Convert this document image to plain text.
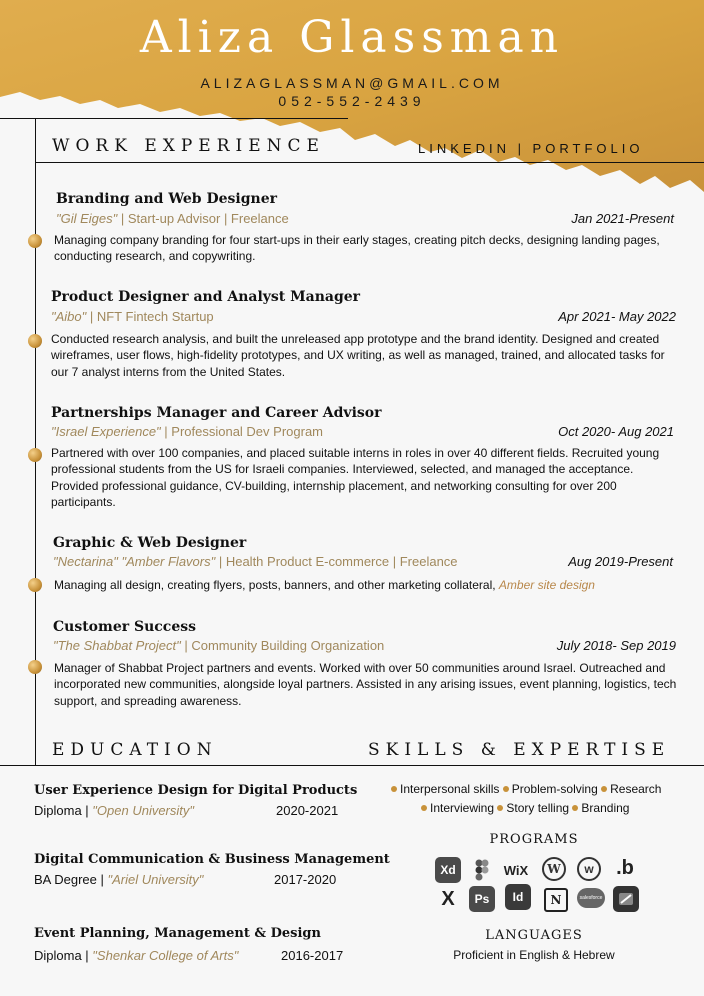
Aliza Glassman
ALIZAGLASSMAN@GMAIL.COM
052-552-2439
WORK EXPERIENCE	LINKEDIN | PORTFOLIO
Branding and Web Designer
"Gil Eiges" | Start-up Advisor | Freelance	Jan 2021-Present
Managing company branding for four start-ups in their early stages, creating pitch decks, designing landing pages, conducting research, and copywriting.
Product Designer and Analyst Manager
"Aibo" | NFT Fintech Startup	Apr 2021- May 2022
Conducted research analysis, and built the unreleased app prototype and the brand identity. Designed and created wireframes, user flows, high-fidelity prototypes, and UX writing, as well as managed, trained, and allocated tasks for our 7 analyst interns from the United States.
Partnerships Manager and Career Advisor
"Israel Experience" | Professional Dev Program	Oct 2020- Aug 2021
Partnered with over 100 companies, and placed suitable interns in roles in over 40 different fields. Recruited young professional students from the US for Israeli companies. Interviewed, selected, and managed the acceptance. Provided professional guidance, CV-building, internship placement, and networking consulting for over 200 participants.
Graphic & Web Designer
"Nectarina" "Amber Flavors" | Health Product E-commerce | Freelance	Aug 2019-Present
Managing all design, creating flyers, posts, banners, and other marketing collateral, Amber site design
Customer Success
"The Shabbat Project" | Community Building Organization	July 2018- Sep 2019
Manager of Shabbat Project partners and events. Worked with over 50 communities around Israel. Outreached and incorporated new communities, alongside loyal partners. Assisted in any arising issues, event planning, logistics, tech support, and spreading awareness.
EDUCATION
User Experience Design for Digital Products
Diploma | "Open University"	2020-2021
Digital Communication & Business Management
BA Degree | "Ariel University"	2017-2020
Event Planning, Management & Design
Diploma | "Shenkar College of Arts"	2016-2017
SKILLS & EXPERTISE
Interpersonal skills Problem-solving Research
Interviewing Story telling Branding
PROGRAMS
Xd	WiX	W	w	.b
X	Ps	Id	N	salesforce
LANGUAGES
Proficient in English & Hebrew
